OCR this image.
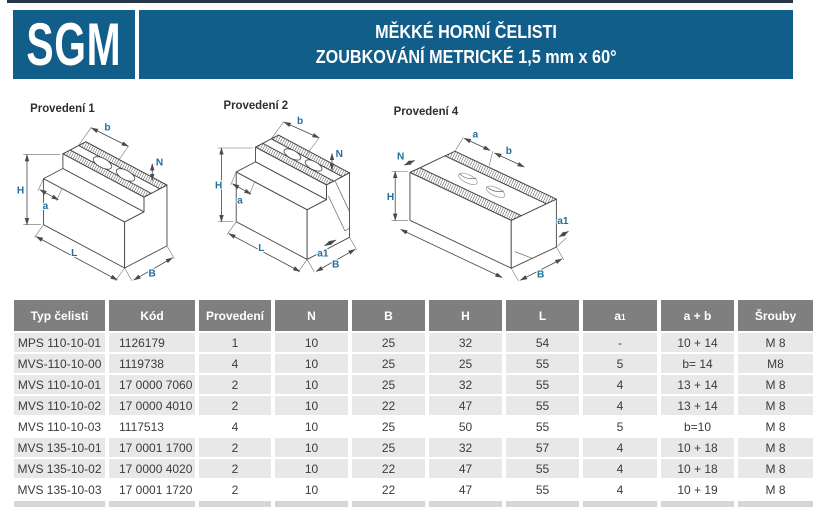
SGM	MĚKKÉ HORNÍ ČELISTI
ZOUBKOVÁNÍ METRICKÉ 1,5 mm x 60°
Provedení 1
H
a
b
N
L
B
Provedení 2
H
a
b
N
L
a1
B
Provedení 4
N
a
b
H
a1
B
Typ čelisti	Kód	Provedení	N	B	H	L	a 1	a + b	Šrouby
MPS 110-10-01	1126179	1	10	25	32	54	-	10 + 14	M 8
MVS-110-10-00	1119738	4	10	25	25	55	5	b= 14	M8
MVS 110-10-01	17 0000 7060	2	10	25	32	55	4	13 + 14	M 8
MVS 110-10-02	17 0000 4010	2	10	22	47	55	4	13 + 14	M 8
MVS 110-10-03	1117513	4	10	25	50	55	5	b=10	M 8
MVS 135-10-01	17 0001 1700	2	10	25	32	57	4	10 + 18	M 8
MVS 135-10-02	17 0000 4020	2	10	22	47	55	4	10 + 18	M 8
MVS 135-10-03	17 0001 1720	2	10	22	47	55	4	10 + 19	M 8
